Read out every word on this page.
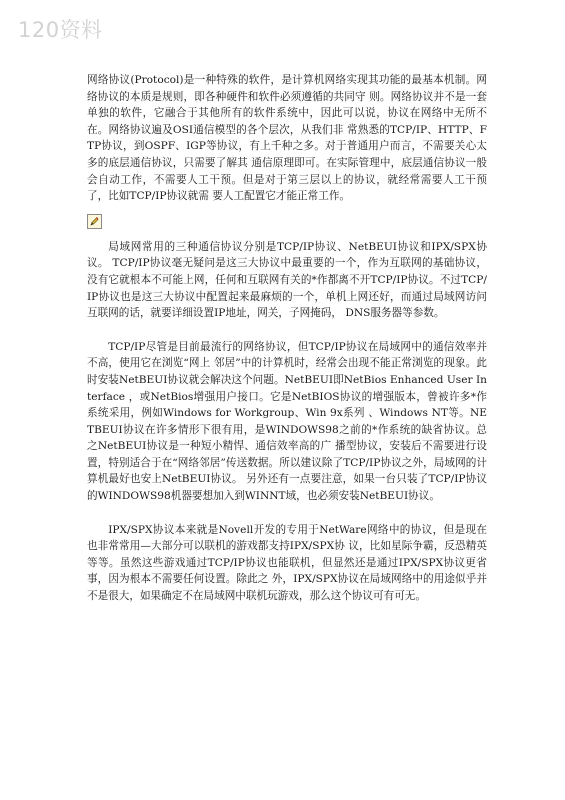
120资料

网络协议(Protocol)是一种特殊的软件，是计算机网络实现其功能的最基本机制。网络协议的本质是规则，即各种硬件和软件必须遵循的共同守 则。网络协议并不是一套单独的软件，它融合于其他所有的软件系统中，因此可以说，协议在网络中无所不在。网络协议遍及OSI通信模型的各个层次，从我们非 常熟悉的TCP/IP、HTTP、FTP协议，到OSPF、IGP等协议，有上千种之多。对于普通用户而言，不需要关心太多的底层通信协议，只需要了解其 通信原理即可。在实际管理中，底层通信协议一般会自动工作，不需要人工干预。但是对于第三层以上的协议，就经常需要人工干预了，比如TCP/IP协议就需 要人工配置它才能正常工作。

局域网常用的三种通信协议分别是TCP/IP协议、NetBEUI协议和IPX/SPX协议。 TCP/IP协议毫无疑问是这三大协议中最重要的一个，作为互联网的基础协议，没有它就根本不可能上网，任何和互联网有关的*作都离不开TCP/IP协议。不过TCP/IP协议也是这三大协议中配置起来最麻烦的一个，单机上网还好，而通过局域网访问互联网的话，就要详细设置IP地址，网关，子网掩码， DNS服务器等参数。

TCP/IP尽管是目前最流行的网络协议，但TCP/IP协议在局域网中的通信效率并不高，使用它在浏览“网上 邻居”中的计算机时，经常会出现不能正常浏览的现象。此时安装NetBEUI协议就会解决这个问题。NetBEUI即NetBios Enhanced User Interface ，或NetBios增强用户接口。它是NetBIOS协议的增强版本，曾被许多*作系统采用，例如Windows for Workgroup、Win 9x系列 、Windows NT等。NETBEUI协议在许多情形下很有用，是WINDOWS98之前的*作系统的缺省协议。总之NetBEUI协议是一种短小精悍、通信效率高的广 播型协议，安装后不需要进行设置，特别适合于在“网络邻居”传送数据。所以建议除了TCP/IP协议之外，局域网的计算机最好也安上NetBEUI协议。 另外还有一点要注意，如果一台只装了TCP/IP协议的WINDOWS98机器要想加入到WINNT域，也必须安装NetBEUI协议。

IPX/SPX协议本来就是Novell开发的专用于NetWare网络中的协议，但是现在也非常常用—大部分可以联机的游戏都支持IPX/SPX协 议，比如星际争霸，反恐精英等等。虽然这些游戏通过TCP/IP协议也能联机，但显然还是通过IPX/SPX协议更省事，因为根本不需要任何设置。除此之 外，IPX/SPX协议在局域网络中的用途似乎并不是很大，如果确定不在局域网中联机玩游戏，那么这个协议可有可无。
